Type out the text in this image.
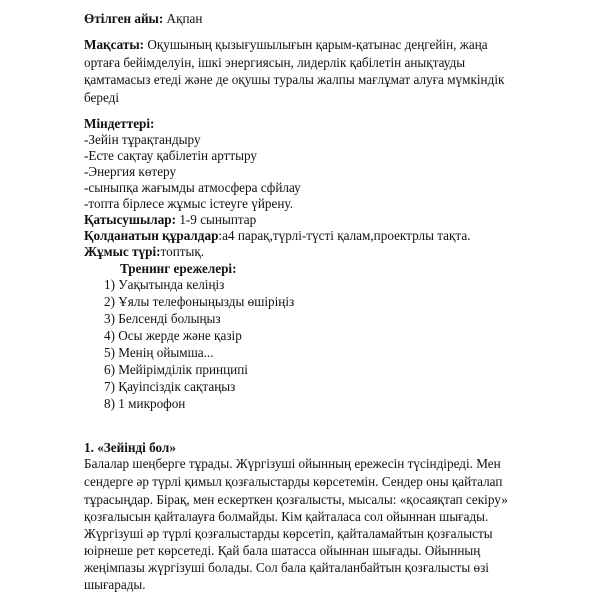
Өтілген айы: Ақпан
Мақсаты: Оқушының қызығушылығын қарым-қатынас деңгейін, жаңа
ортаға бейімделуін, ішкі энергиясын, лидерлік қабілетін анықтауды
қамтамасыз етеді және де оқушы туралы жалпы мағлұмат алуға мүмкіндік
береді
Міндеттері:
-Зейін тұрақтандыру
-Есте сақтау қабілетін арттыру
-Энергия көтеру
-сыныпқа жағымды атмосфера сфйлау
-топта бірлесе жұмыс істеуге үйрену.
Қатысушылар: 1-9 сыныптар
Қолданатын құралдар:а4 парақ,түрлі-түсті қалам,проектрлы тақта.
Жұмыс түрі:топтық.
Тренинг ережелері:
1) Уақытында келіңіз
2) Ұялы телефоныңызды өшіріңіз
3) Белсенді болыңыз
4) Осы жерде және қазір
5) Менің ойымша...
6) Мейірімділік принципі
7) Қауіпсіздік сақтаңыз
8) 1 микрофон
1. «Зейінді бол»
Балалар шеңберге тұрады. Жүргізушi ойынның ережесін түсіндіреді. Мен
сендерге әр түрлі қимыл қозғалыстарды көрсетемін. Сендер оны қайталап
тұрасыңдар. Бірақ, мен ескерткен қозғалысты, мысалы: «қосаяқтап секіру»
қозғалысын қайталауға болмайды. Кім қайталаса сол ойыннан шығады.
Жүргізуші әр түрлі қозғалыстарды көрсетіп, қайталамайтын қозғалысты
юірнеше рет көрсетеді. Қай бала шатасса ойыннан шығады. Ойынның
жеңімпазы жүргізуші болады. Сол бала қайталанбайтын қозғалысты өзі
шығарады.
